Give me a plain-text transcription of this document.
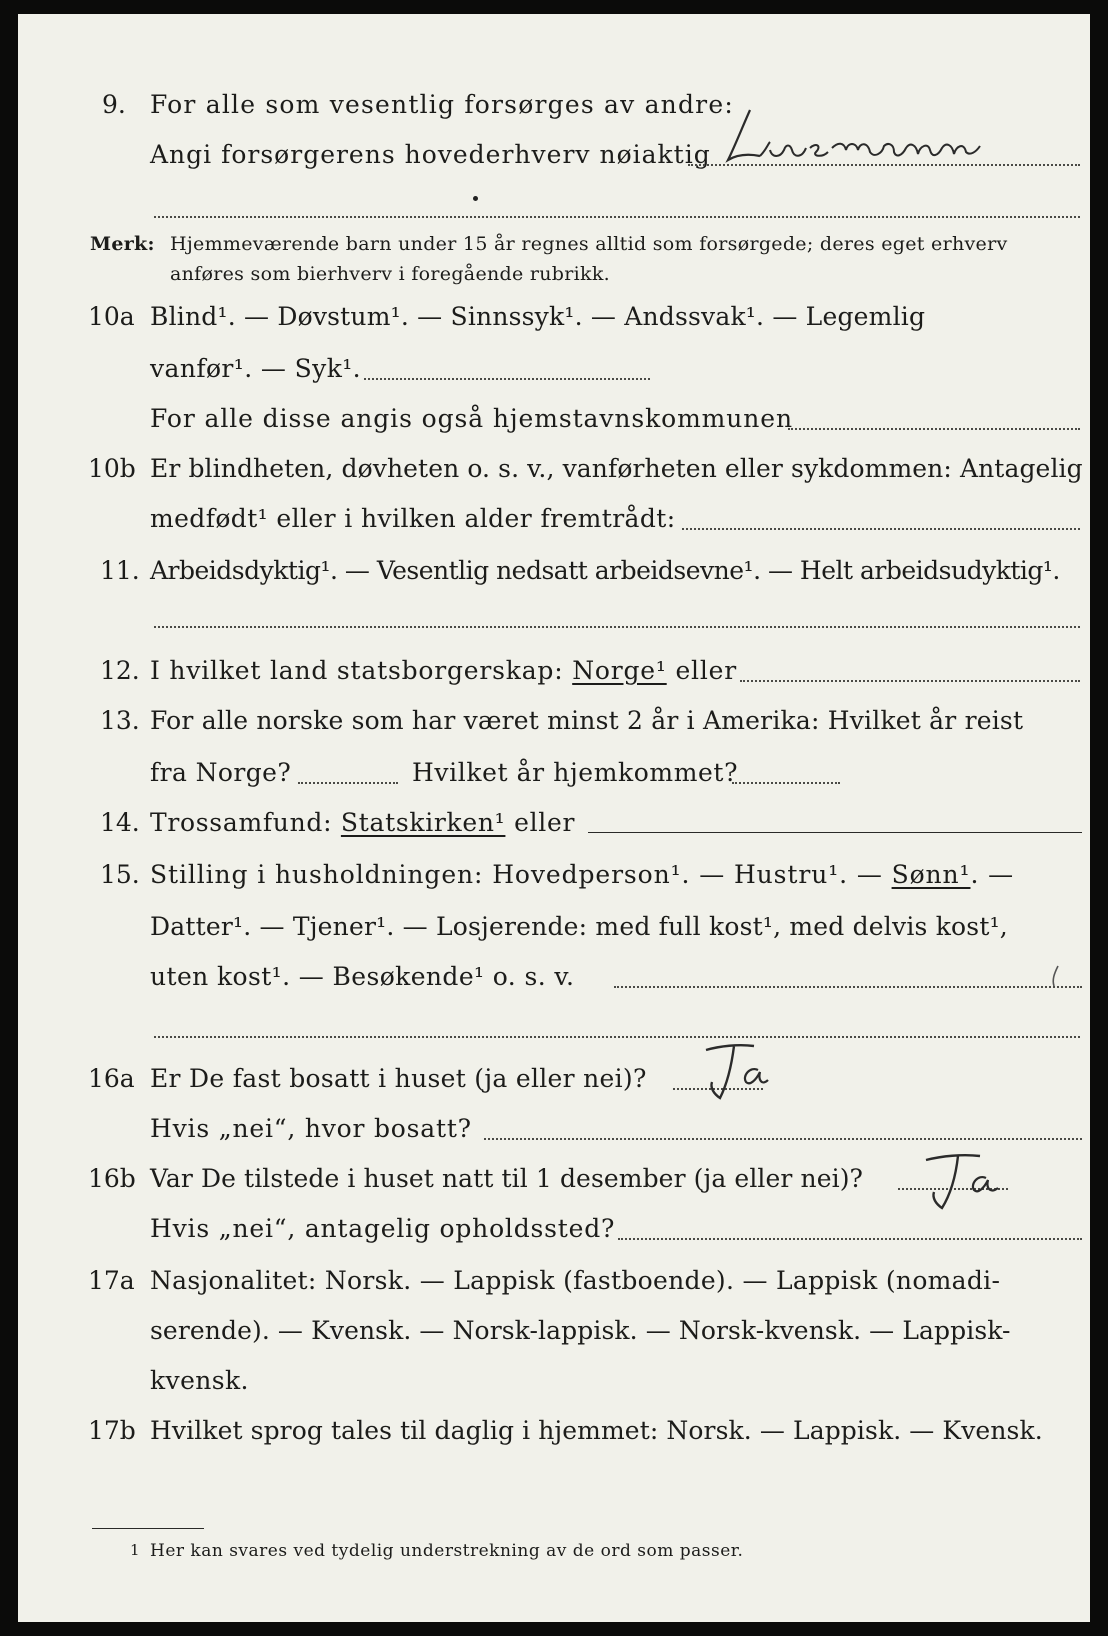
9. For alle som vesentlig forsørges av andre:
Angi forsørgerens hovederhverv nøiaktig
Merk: Hjemmeværende barn under 15 år regnes alltid som forsørgede; deres eget erhverv
anføres som bierhverv i foregående rubrikk.
10a Blind¹. — Døvstum¹. — Sinnssyk¹. — Andssvak¹. — Legemlig
vanfør¹. — Syk¹.
For alle disse angis også hjemstavnskommunen
10b Er blindheten, døvheten o. s. v., vanførheten eller sykdommen: Antagelig
medfødt¹ eller i hvilken alder fremtrådt:
11. Arbeidsdyktig¹. — Vesentlig nedsatt arbeidsevne¹. — Helt arbeidsudyktig¹.
12. I hvilket land statsborgerskap: Norge¹ eller
13. For alle norske som har været minst 2 år i Amerika: Hvilket år reist
fra Norge?	Hvilket år hjemkommet?
14. Trossamfund: Statskirken¹ eller
15. Stilling i husholdningen: Hovedperson¹. — Hustru¹. — Sønn¹. —
Datter¹. — Tjener¹. — Losjerende: med full kost¹, med delvis kost¹,
uten kost¹. — Besøkende¹ o. s. v.
16a Er De fast bosatt i huset (ja eller nei)?
Hvis „nei“, hvor bosatt?
16b Var De tilstede i huset natt til 1 desember (ja eller nei)?
Hvis „nei“, antagelig opholdssted?
17a Nasjonalitet: Norsk. — Lappisk (fastboende). — Lappisk (nomadi-
serende). — Kvensk. — Norsk-lappisk. — Norsk-kvensk. — Lappisk-
kvensk.
17b Hvilket sprog tales til daglig i hjemmet: Norsk. — Lappisk. — Kvensk.
1 Her kan svares ved tydelig understrekning av de ord som passer.
